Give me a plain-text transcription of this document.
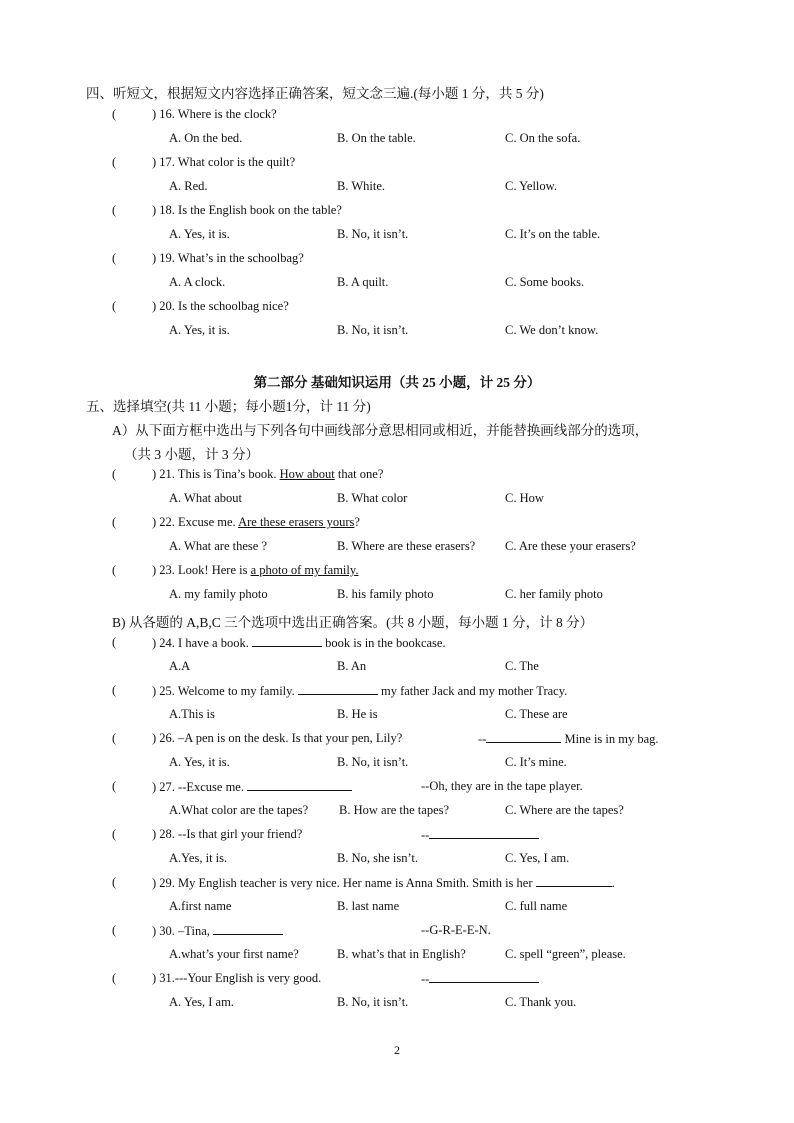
四、听短文，根据短文内容选择正确答案，短文念三遍.(每小题 1 分，共 5 分)
(	) 16. Where is the clock?
A. On the bed.	B. On the table.	C. On the sofa.
(	) 17. What color is the quilt?
A. Red.	B. White.	C. Yellow.
(	) 18. Is the English book on the table?
A. Yes, it is.	B. No, it isn’t.	C. It’s on the table.
(	) 19. What’s in the schoolbag?
A. A clock.	B. A quilt.	C. Some books.
(	) 20. Is the schoolbag nice?
A. Yes, it is.	B. No, it isn’t.	C. We don’t know.
第二部分 基础知识运用（共 25 小题，计 25 分）
五、选择填空(共 11 小题；每小题1分，计 11 分)
A）从下面方框中选出与下列各句中画线部分意思相同或相近，并能替换画线部分的选项，
（共 3 小题，计 3 分）
(	) 21. This is Tina’s book. How about that one?
A. What about	B. What color	C. How
(	) 22. Excuse me. Are these erasers yours?
A. What are these ?	B. Where are these erasers? C. Are these your erasers?
(	) 23. Look! Here is a photo of my family.
A. my family photo	B. his family photo	C. her family photo
B) 从各题的 A,B,C 三个选项中选出正确答案。(共 8 小题，每小题 1 分，计 8 分）
(	) 24. I have a book.	book is in the bookcase.
A.A	B. An	C. The
(	) 25. Welcome to my family.	my father Jack and my mother Tracy.
A.This is	B. He is	C. These are
(	) 26. –A pen is on the desk. Is that your pen, Lily?	--	Mine is in my bag.
A. Yes, it is.	B. No, it isn’t.	C. It’s mine.
(	) 27. --Excuse me.	--Oh, they are in the tape player.
A.What color are the tapes? B. How are the tapes?	C. Where are the tapes?
(	) 28. --Is that girl your friend?	--
A.Yes, it is.	B. No, she isn’t.	C. Yes, I am.
(	) 29. My English teacher is very nice. Her name is Anna Smith. Smith is her	.
A.first name	B. last name	C. full name
(	) 30. –Tina,	--G-R-E-E-N.
A.what’s your first name?	B. what’s that in English?	C. spell “green”, please.
(	) 31.---Your English is very good.	--
A. Yes, I am.	B. No, it isn’t.	C. Thank you.
2
